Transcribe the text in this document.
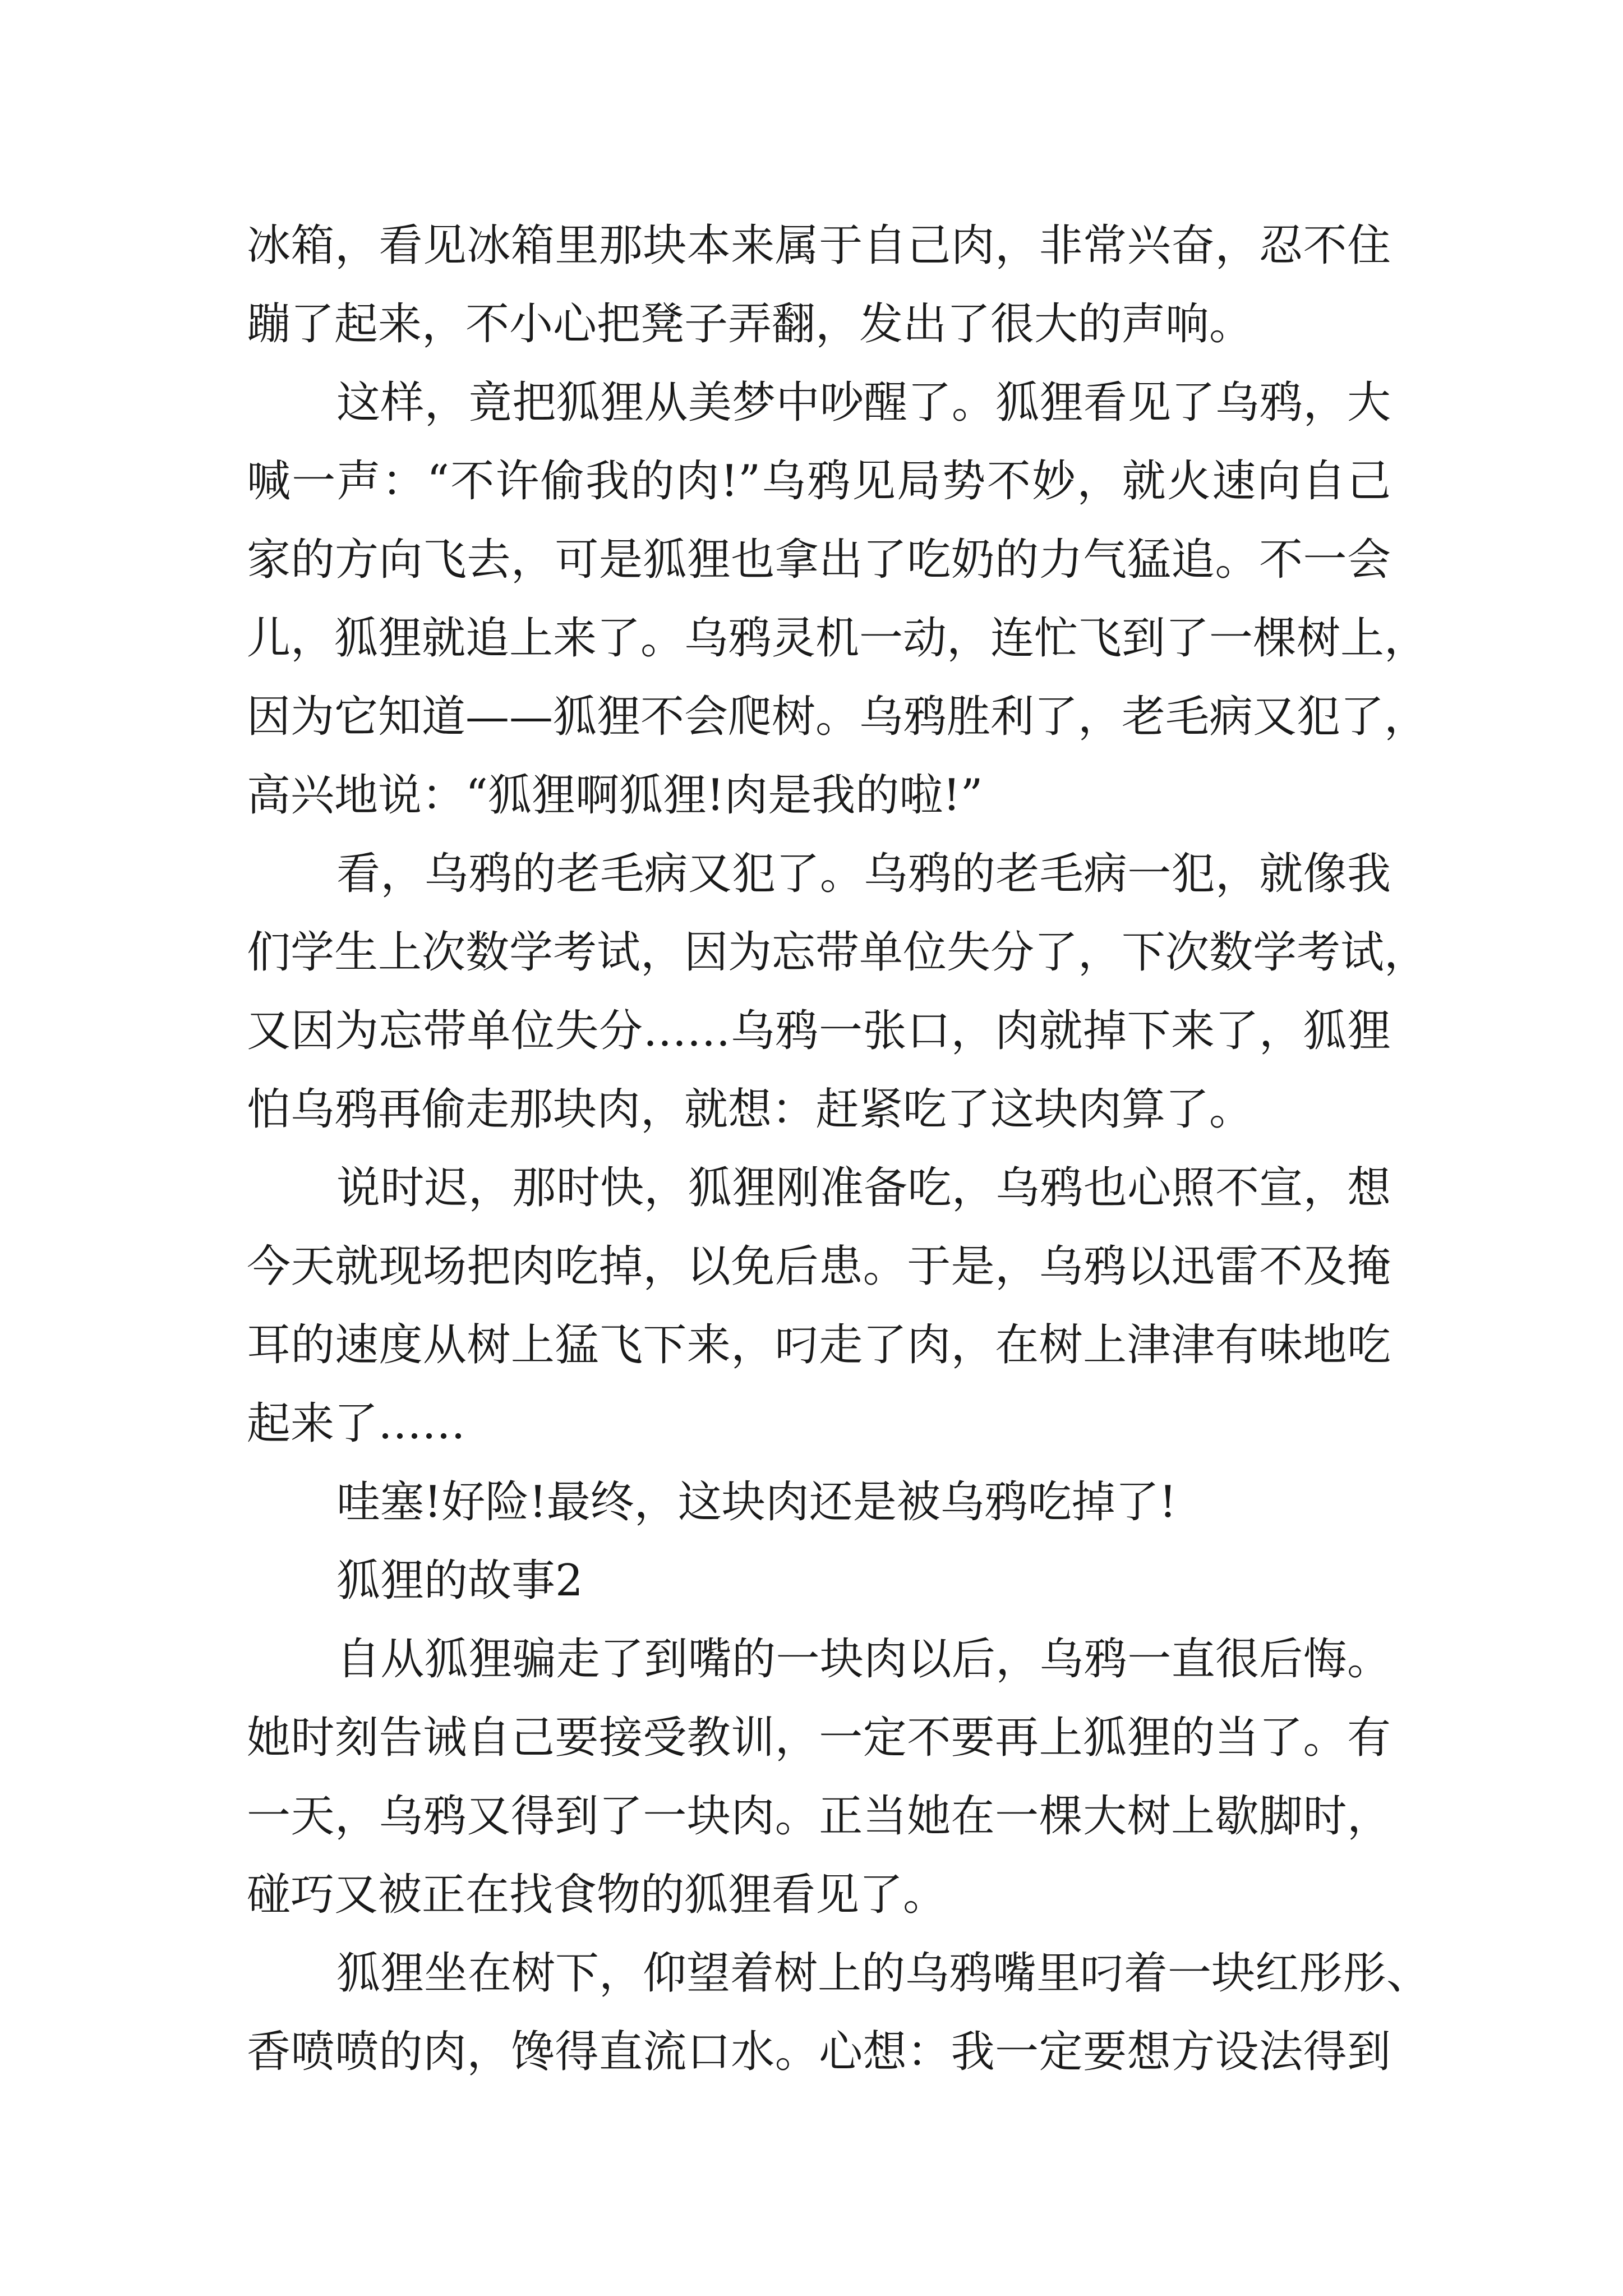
冰箱，看见冰箱里那块本来属于自己肉，非常兴奋，忍不住
蹦了起来，不小心把凳子弄翻，发出了很大的声响。
这样，竟把狐狸从美梦中吵醒了。狐狸看见了乌鸦，大
喊一声：“不许偷我的肉!”乌鸦见局势不妙，就火速向自己
家的方向飞去，可是狐狸也拿出了吃奶的力气猛追。不一会
儿，狐狸就追上来了。乌鸦灵机一动，连忙飞到了一棵树上，
因为它知道——狐狸不会爬树。乌鸦胜利了，老毛病又犯了，
高兴地说：“狐狸啊狐狸!肉是我的啦!”
看，乌鸦的老毛病又犯了。乌鸦的老毛病一犯，就像我
们学生上次数学考试，因为忘带单位失分了，下次数学考试，
又因为忘带单位失分……乌鸦一张口，肉就掉下来了，狐狸
怕乌鸦再偷走那块肉，就想：赶紧吃了这块肉算了。
说时迟，那时快，狐狸刚准备吃，乌鸦也心照不宣，想
今天就现场把肉吃掉，以免后患。于是，乌鸦以迅雷不及掩
耳的速度从树上猛飞下来，叼走了肉，在树上津津有味地吃
起来了……
哇塞!好险!最终，这块肉还是被乌鸦吃掉了!
狐狸的故事2
自从狐狸骗走了到嘴的一块肉以后，乌鸦一直很后悔。
她时刻告诫自己要接受教训，一定不要再上狐狸的当了。有
一天，乌鸦又得到了一块肉。正当她在一棵大树上歇脚时，
碰巧又被正在找食物的狐狸看见了。
狐狸坐在树下，仰望着树上的乌鸦嘴里叼着一块红彤彤、
香喷喷的肉，馋得直流口水。心想：我一定要想方设法得到
